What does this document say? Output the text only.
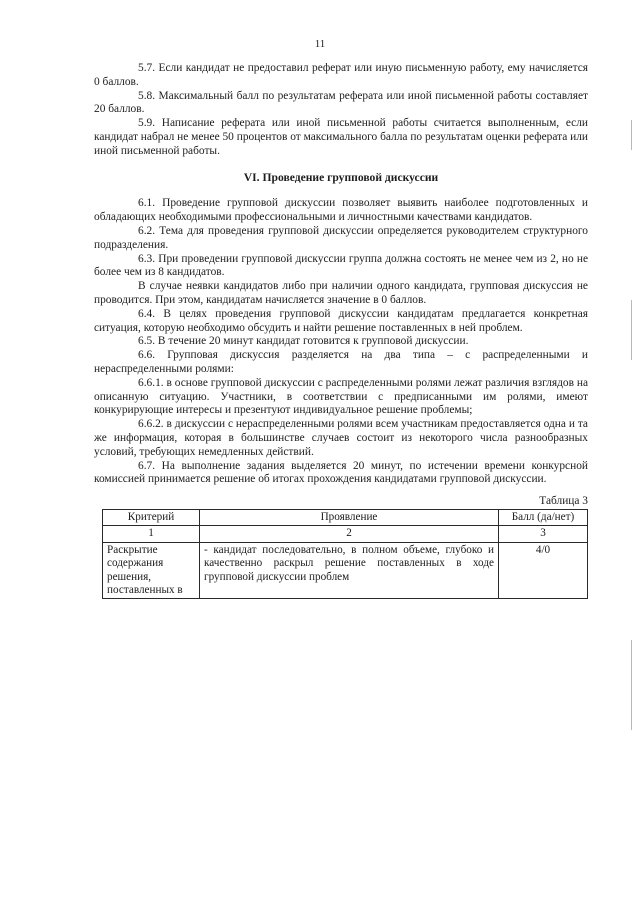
11

5.7. Если кандидат не предоставил реферат или иную письменную работу, ему начисляется 0 баллов.

5.8. Максимальный балл по результатам реферата или иной письменной работы составляет 20 баллов.

5.9. Написание реферата или иной письменной работы считается выполненным, если кандидат набрал не менее 50 процентов от максимального балла по результатам оценки реферата или иной письменной работы.

VI. Проведение групповой дискуссии

6.1. Проведение групповой дискуссии позволяет выявить наиболее подготовленных и обладающих необходимыми профессиональными и личностными качествами кандидатов.

6.2. Тема для проведения групповой дискуссии определяется руководителем структурного подразделения.

6.3. При проведении групповой дискуссии группа должна состоять не менее чем из 2, но не более чем из 8 кандидатов.

В случае неявки кандидатов либо при наличии одного кандидата, групповая дискуссия не проводится. При этом, кандидатам начисляется значение в 0 баллов.

6.4. В целях проведения групповой дискуссии кандидатам предлагается конкретная ситуация, которую необходимо обсудить и найти решение поставленных в ней проблем.

6.5. В течение 20 минут кандидат готовится к групповой дискуссии.

6.6. Групповая дискуссия разделяется на два типа – с распределенными и нераспределенными ролями:

6.6.1. в основе групповой дискуссии с распределенными ролями лежат различия взглядов на описанную ситуацию. Участники, в соответствии с предписанными им ролями, имеют конкурирующие интересы и презентуют индивидуальное решение проблемы;

6.6.2. в дискуссии с нераспределенными ролями всем участникам предоставляется одна и та же информация, которая в большинстве случаев состоит из некоторого числа разнообразных условий, требующих немедленных действий.

6.7. На выполнение задания выделяется 20 минут, по истечении времени конкурсной комиссией принимается решение об итогах прохождения кандидатами групповой дискуссии.

Таблица 3
Критерий	Проявление	Балл (да/нет)
1	2	3
Раскрытие содержания решения, поставленных в	- кандидат последовательно, в полном объеме, глубоко и качественно раскрыл решение поставленных в ходе групповой дискуссии проблем	4/0
